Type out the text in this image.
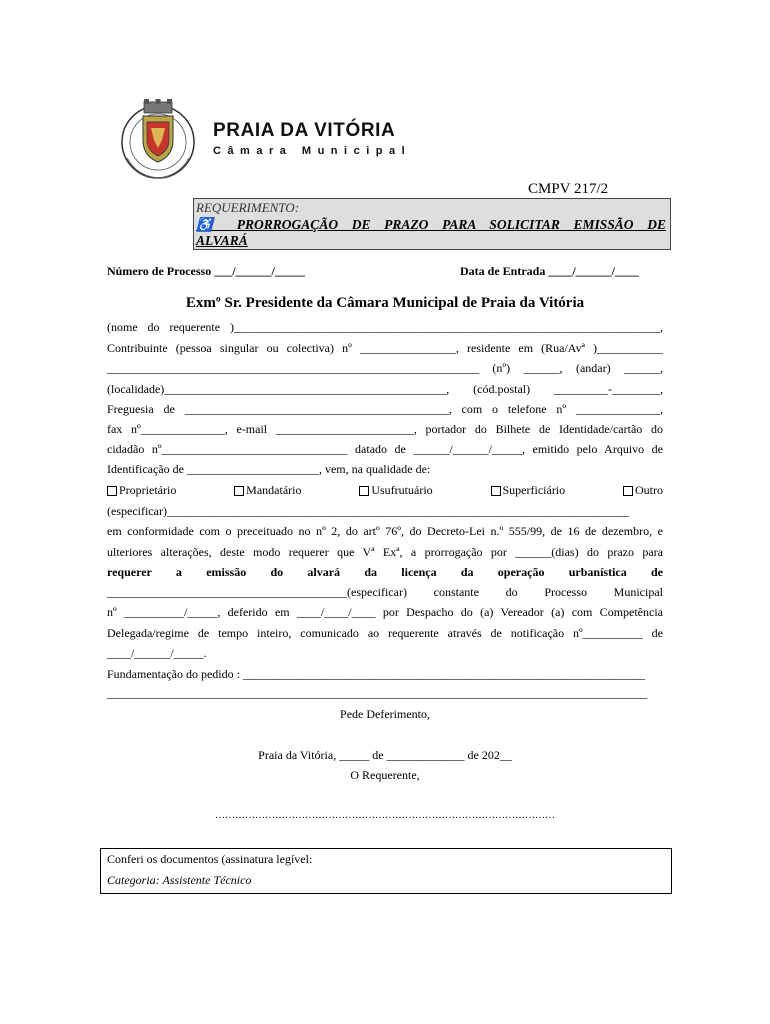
PRAIA DA VITÓRIA
Câmara Municipal
CMPV 217/2
REQUERIMENTO:
♿ PRORROGAÇÃO DE PRAZO PARA SOLICITAR EMISSÃO DE
ALVARÁ
Número de Processo ___/______/_____	Data de Entrada ____/______/____
Exmº Sr. Presidente da Câmara Municipal de Praia da Vitória
(nome do requerente )_______________________________________________________________________,
Contribuinte (pessoa singular ou colectiva) nº ________________, residente em (Rua/Avª )___________
______________________________________________________________ (nº) ______, (andar) ______,
(localidade)_______________________________________________, (cód.postal) _________-________,
Freguesia de ____________________________________________, com o telefone nº ______________,
fax nº______________, e-mail _______________________, portador do Bilhete de Identidade/cartão do
cidadão nº_______________________________ datado de ______/______/_____, emitido pelo Arquivo de
Identificação de ______________________, vem, na qualidade de:
Proprietário	Mandatário	Usufrutuário	Superficiário	Outro
(especificar)_____________________________________________________________________________
em conformidade com o preceituado no nº 2, do artº 76º, do Decreto-Lei n.º 555/99, de 16 de dezembro, e
ulteriores alterações, deste modo requerer que Vª Exª, a prorrogação por ______(dias) do prazo para
requerer a emissão do alvará da licença da operação urbanística de
________________________________________(especificar) constante do Processo Municipal
nº __________/_____, deferido em ____/____/____ por Despacho do (a) Vereador (a) com Competência
Delegada/regime de tempo inteiro, comunicado ao requerente através de notificação nº__________ de
____/______/_____.
Fundamentação do pedido : ___________________________________________________________________
__________________________________________________________________________________________
Pede Deferimento,
Praia da Vitória, _____ de _____________ de 202__
O Requerente,
…………………………………………………………………………………………
Conferi os documentos (assinatura legível:
Categoria: Assistente Técnico
